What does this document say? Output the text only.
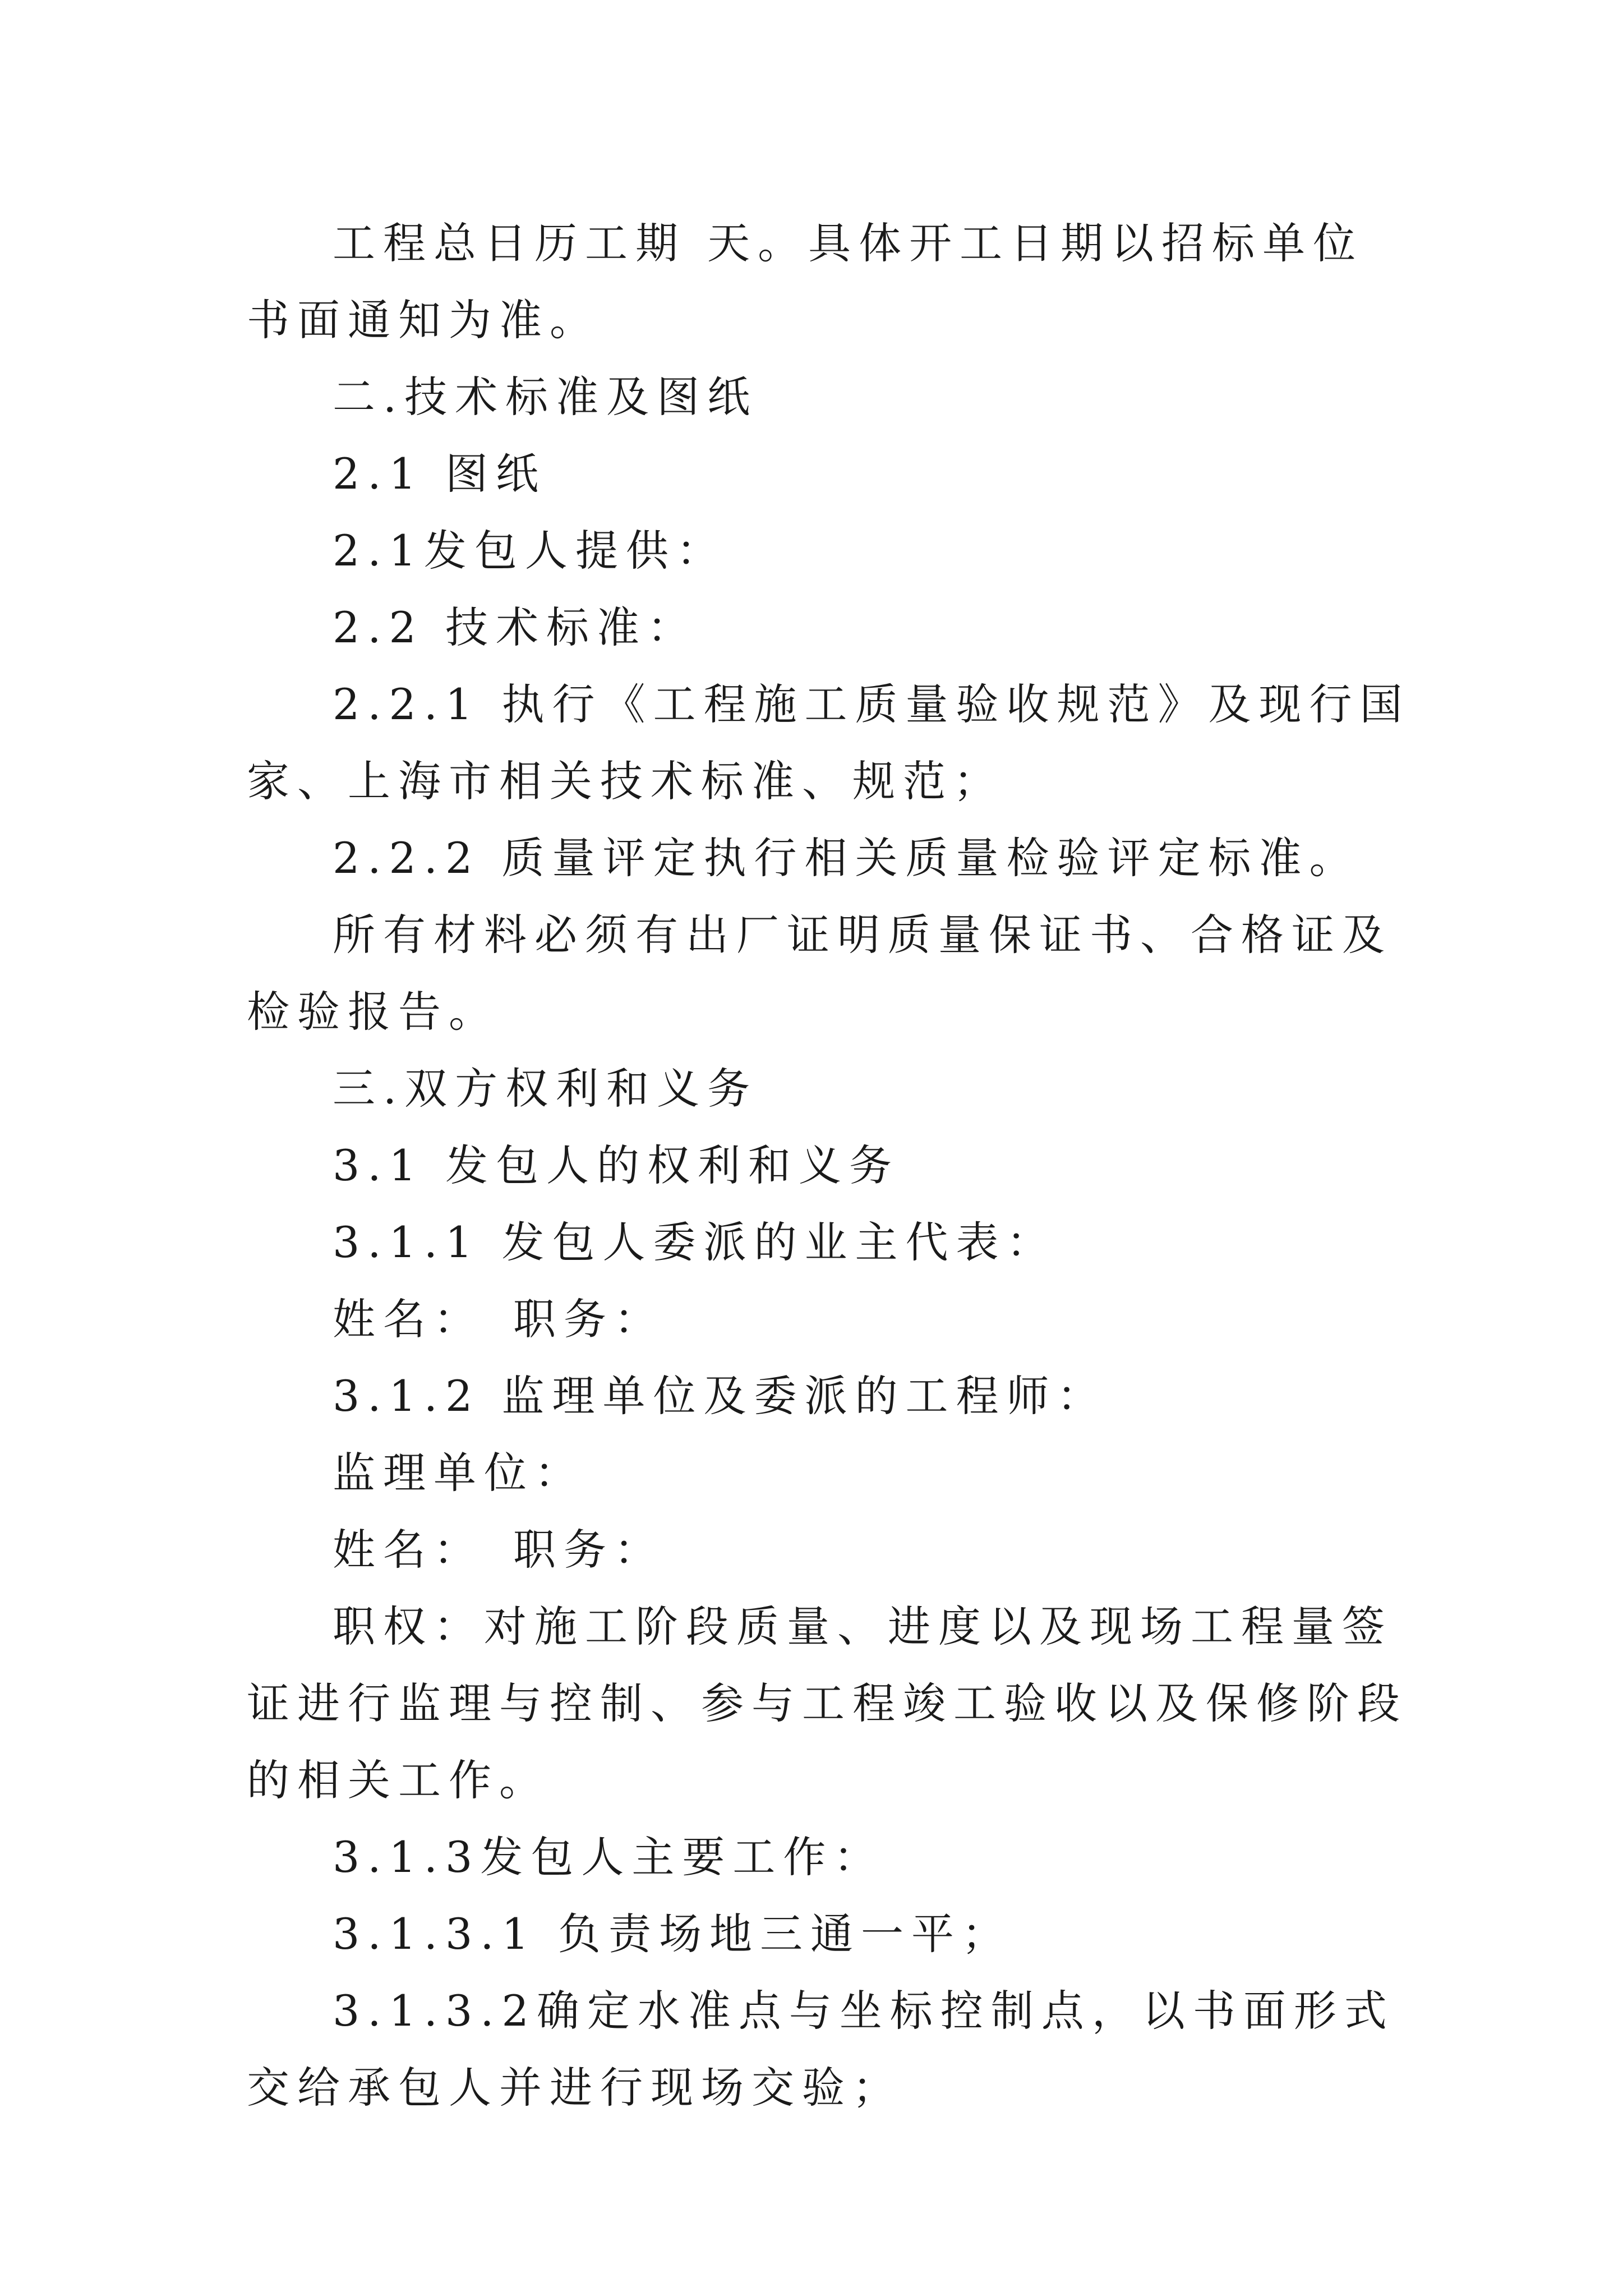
工程总日历工期 天。具体开工日期以招标单位书面通知为准。

二.技术标准及图纸

2.1 图纸

2.1发包人提供：

2.2 技术标准：

2.2.1 执行《工程施工质量验收规范》及现行国家、上海市相关技术标准、规范；

2.2.2 质量评定执行相关质量检验评定标准。

所有材料必须有出厂证明质量保证书、合格证及检验报告。

三.双方权利和义务

3.1 发包人的权利和义务

3.1.1 发包人委派的业主代表：

姓名：　职务：

3.1.2 监理单位及委派的工程师：

监理单位：

姓名：　职务：

职权：对施工阶段质量、进度以及现场工程量签证进行监理与控制、参与工程竣工验收以及保修阶段的相关工作。

3.1.3发包人主要工作：

3.1.3.1 负责场地三通一平；

3.1.3.2确定水准点与坐标控制点，以书面形式交给承包人并进行现场交验；
